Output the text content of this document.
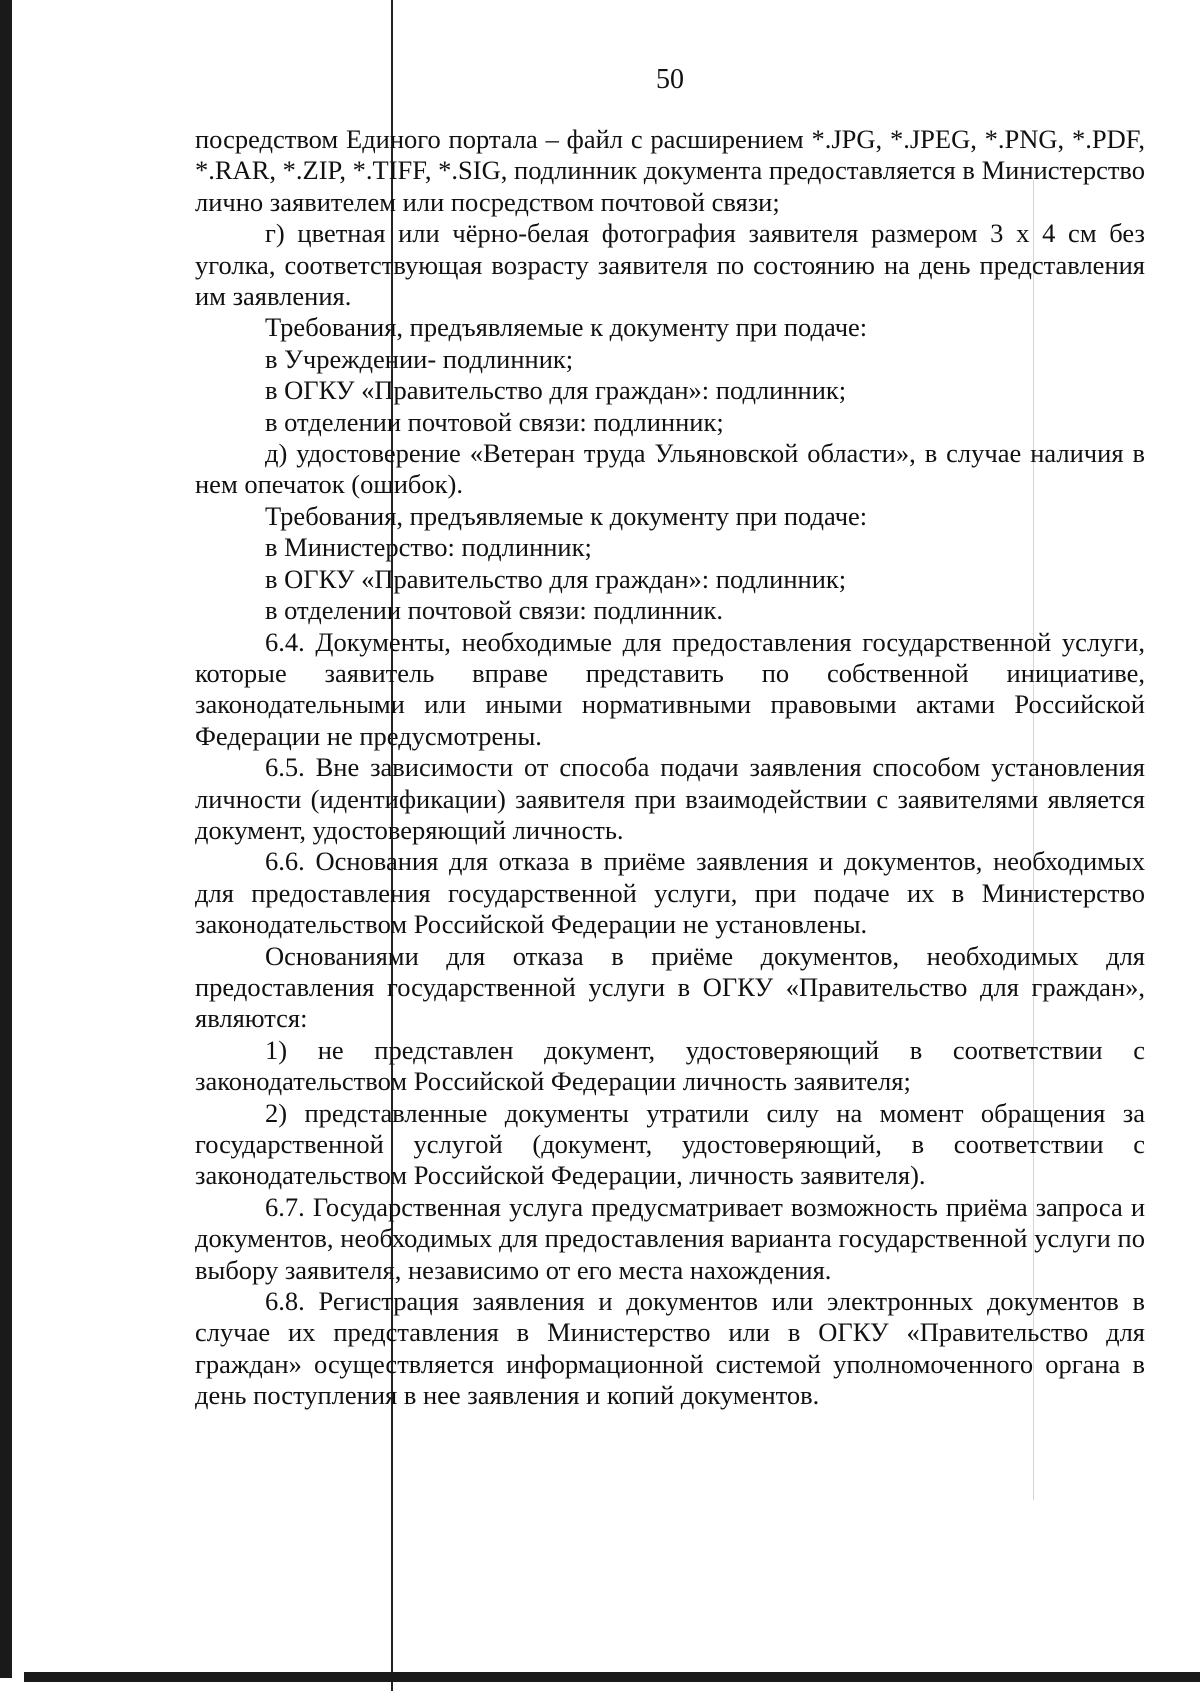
50

посредством Единого портала – файл с расширением *.JPG, *.JPEG, *.PNG, *.PDF, *.RAR, *.ZIP, *.TIFF, *.SIG, подлинник документа предоставляется в Министерство лично заявителем или посредством почтовой связи;

г) цветная или чёрно-белая фотография заявителя размером 3 х 4 см без уголка, соответствующая возрасту заявителя по состоянию на день представления им заявления.

Требования, предъявляемые к документу при подаче:

в Учреждении- подлинник;

в ОГКУ «Правительство для граждан»: подлинник;

в отделении почтовой связи: подлинник;

д) удостоверение «Ветеран труда Ульяновской области», в случае наличия в нем опечаток (ошибок).

Требования, предъявляемые к документу при подаче:

в Министерство: подлинник;

в ОГКУ «Правительство для граждан»: подлинник;

в отделении почтовой связи: подлинник.

6.4. Документы, необходимые для предоставления государственной услуги, которые заявитель вправе представить по собственной инициативе, законодательными или иными нормативными правовыми актами Российской Федерации не предусмотрены.

6.5. Вне зависимости от способа подачи заявления способом установления личности (идентификации) заявителя при взаимодействии с заявителями является документ, удостоверяющий личность.

6.6. Основания для отказа в приёме заявления и документов, необходимых для предоставления государственной услуги, при подаче их в Министерство законодательством Российской Федерации не установлены.

Основаниями для отказа в приёме документов, необходимых для предоставления государственной услуги в ОГКУ «Правительство для граждан», являются:

1) не представлен документ, удостоверяющий в соответствии с законодательством Российской Федерации личность заявителя;

2) представленные документы утратили силу на момент обращения за государственной услугой (документ, удостоверяющий, в соответствии с законодательством Российской Федерации, личность заявителя).

6.7. Государственная услуга предусматривает возможность приёма запроса и документов, необходимых для предоставления варианта государственной услуги по выбору заявителя, независимо от его места нахождения.

6.8. Регистрация заявления и документов или электронных документов в случае их представления в Министерство или в ОГКУ «Правительство для граждан» осуществляется информационной системой уполномоченного органа в день поступления в нее заявления и копий документов.
